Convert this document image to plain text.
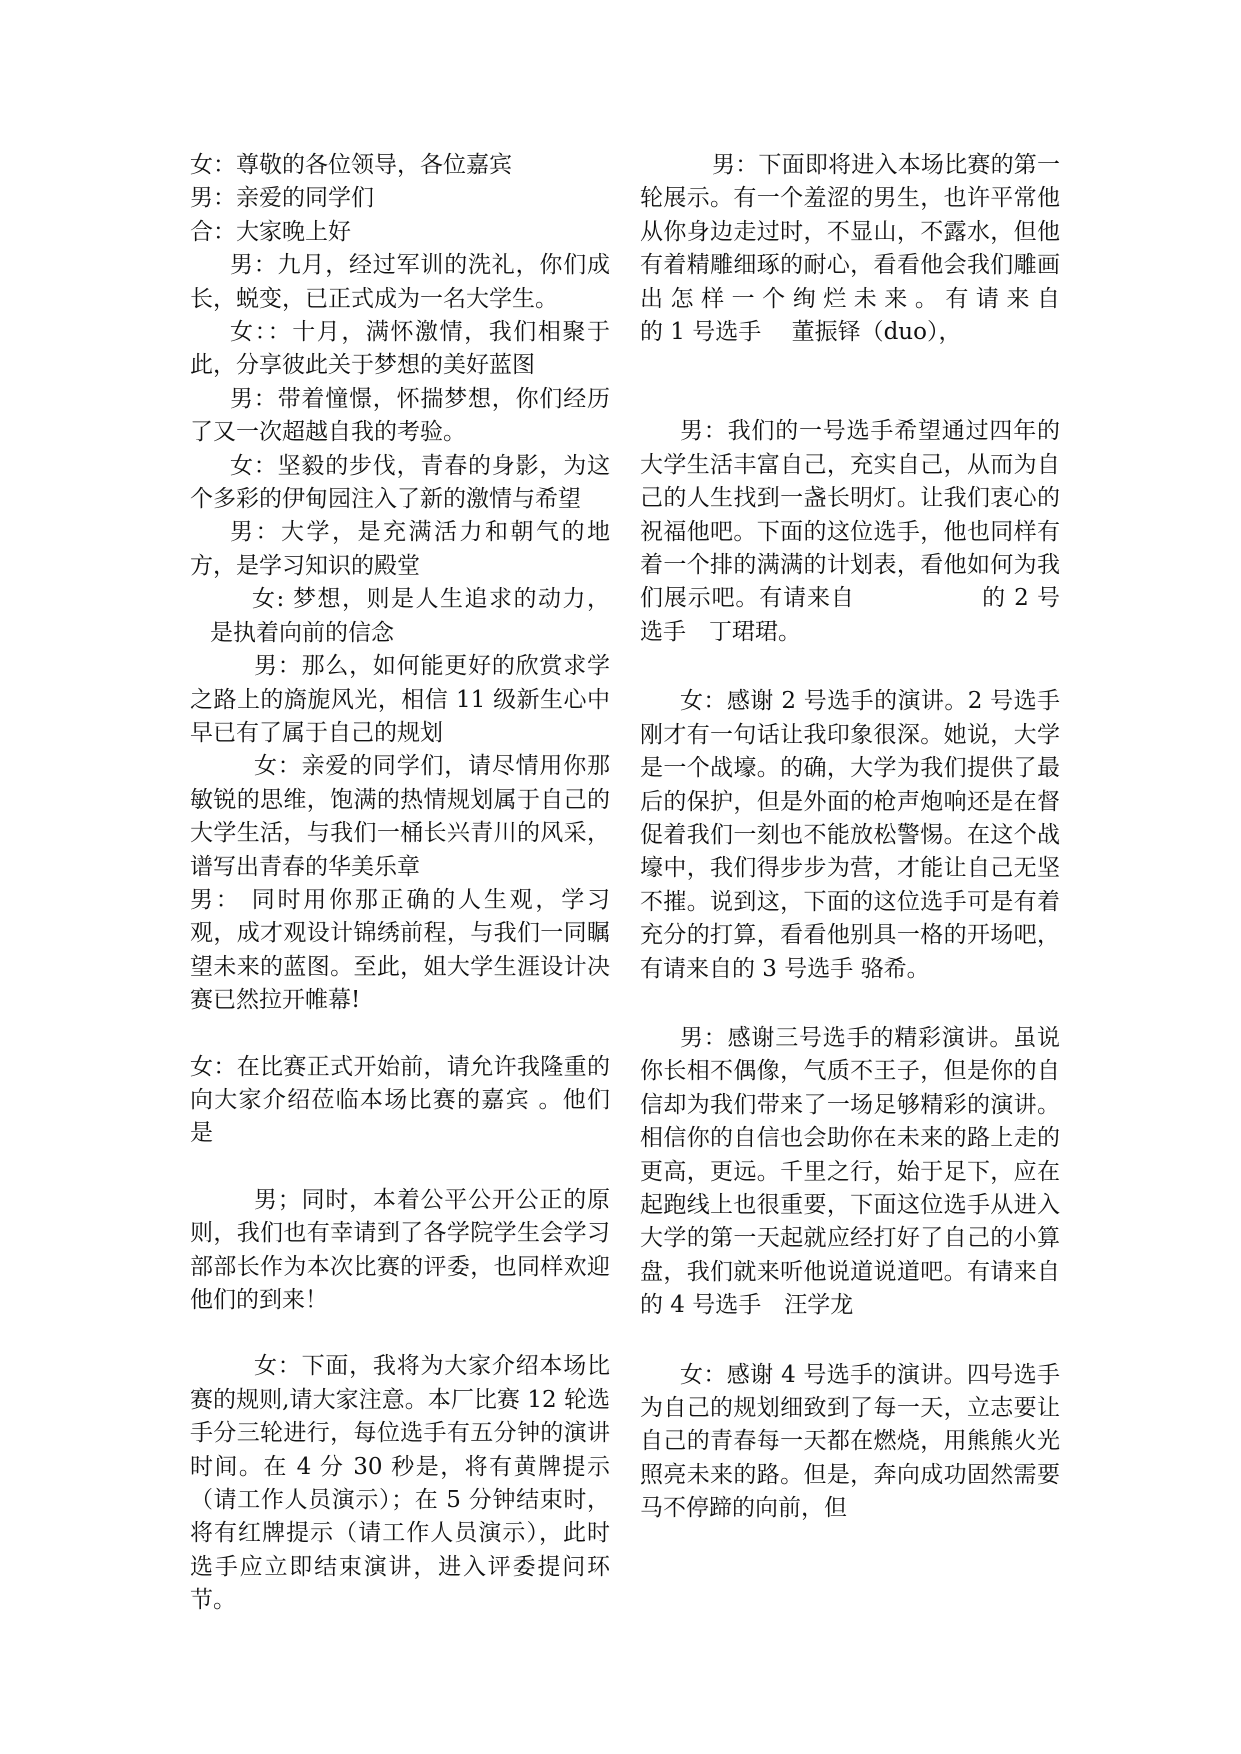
女：尊敬的各位领导，各位嘉宾
男：亲爱的同学们
合：大家晚上好
男：九月，经过军训的洗礼，你们成长，蜕变，已正式成为一名大学生。
女：：十月，满怀激情，我们相聚于此，分享彼此关于梦想的美好蓝图
男：带着憧憬，怀揣梦想，你们经历了又一次超越自我的考验。
女：坚毅的步伐，青春的身影，为这个多彩的伊甸园注入了新的激情与希望
男：大学，是充满活力和朝气的地方，是学习知识的殿堂
女: 梦想，则是人生追求的动力，是执着向前的信念
男：那么，如何能更好的欣赏求学之路上的旖旎风光，相信 11 级新生心中早已有了属于自己的规划
女：亲爱的同学们，请尽情用你那敏锐的思维，饱满的热情规划属于自己的大学生活，与我们一桶长兴青川的风采，谱写出青春的华美乐章
男： 同时用你那正确的人生观，学习观，成才观设计锦绣前程，与我们一同瞩望未来的蓝图。至此，姐大学生涯设计决赛已然拉开帷幕!
女：在比赛正式开始前，请允许我隆重的向大家介绍莅临本场比赛的嘉宾 。他们是
男；同时，本着公平公开公正的原则，我们也有幸请到了各学院学生会学习部部长作为本次比赛的评委，也同样欢迎他们的到来！
女：下面，我将为大家介绍本场比赛的规则,请大家注意。本厂比赛 12 轮选手分三轮进行，每位选手有五分钟的演讲时间。在 4 分 30 秒是，将有黄牌提示（请工作人员演示）；在 5 分钟结束时，将有红牌提示（请工作人员演示），此时选手应立即结束演讲，进入评委提问环节。
男：下面即将进入本场比赛的第一轮展示。有一个羞涩的男生，也许平常他从你身边走过时，不显山，不露水，但他有着精雕细琢的耐心，看看他会我们雕画出怎样一个绚烂未来。有请来自　　　　 的 1 号选手　 董振铎（duo），
男：我们的一号选手希望通过四年的大学生活丰富自己，充实自己，从而为自己的人生找到一盏长明灯。让我们衷心的祝福他吧。下面的这位选手，他也同样有着一个排的满满的计划表，看他如何为我们展示吧。有请来自　　　　　 的 2 号选手　丁珺珺。
女：感谢 2 号选手的演讲。2 号选手刚才有一句话让我印象很深。她说，大学是一个战壕。的确，大学为我们提供了最后的保护，但是外面的枪声炮响还是在督促着我们一刻也不能放松警惕。在这个战壕中，我们得步步为营，才能让自己无坚不摧。说到这，下面的这位选手可是有着充分的打算，看看他别具一格的开场吧，有请来自的 3 号选手 骆希。
男：感谢三号选手的精彩演讲。虽说你长相不偶像，气质不王子，但是你的自信却为我们带来了一场足够精彩的演讲。相信你的自信也会助你在未来的路上走的更高，更远。千里之行，始于足下，应在起跑线上也很重要，下面这位选手从进入大学的第一天起就应经打好了自己的小算盘，我们就来听他说道说道吧。有请来自的 4 号选手　汪学龙
女：感谢 4 号选手的演讲。四号选手为自己的规划细致到了每一天，立志要让自己的青春每一天都在燃烧，用熊熊火光照亮未来的路。但是，奔向成功固然需要马不停蹄的向前，但
